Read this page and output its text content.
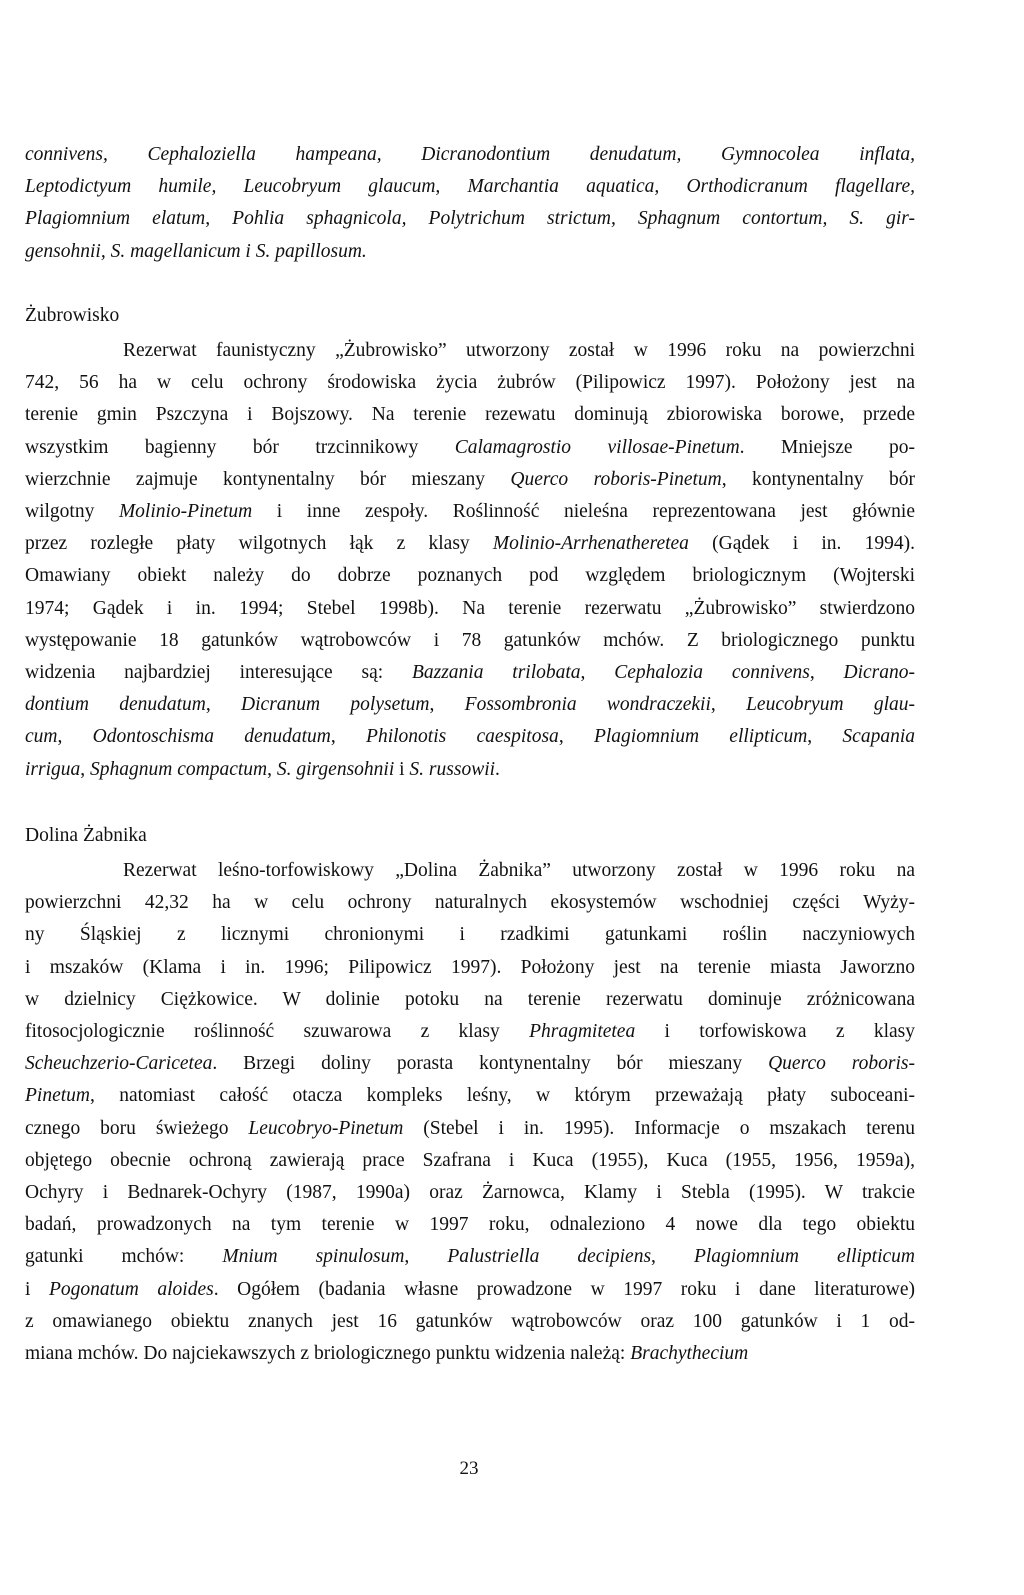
connivens, Cephaloziella hampeana, Dicranodontium denudatum, Gymnocolea inflata,
Leptodictyum humile, Leucobryum glaucum, Marchantia aquatica, Orthodicranum flagellare,
Plagiomnium elatum, Pohlia sphagnicola, Polytrichum strictum, Sphagnum contortum, S. gir-
gensohnii, S. magellanicum i S. papillosum.

Żubrowisko

Rezerwat faunistyczny „Żubrowisko” utworzony został w 1996 roku na powierzchni
742, 56 ha w celu ochrony środowiska życia żubrów (Pilipowicz 1997). Położony jest na
terenie gmin Pszczyna i Bojszowy. Na terenie rezewatu dominują zbiorowiska borowe, przede
wszystkim bagienny bór trzcinnikowy Calamagrostio villosae-Pinetum. Mniejsze po-
wierzchnie zajmuje kontynentalny bór mieszany Querco roboris-Pinetum, kontynentalny bór
wilgotny Molinio-Pinetum i inne zespoły. Roślinność nieleśna reprezentowana jest głównie
przez rozległe płaty wilgotnych łąk z klasy Molinio-Arrhenatheretea (Gądek i in. 1994).
Omawiany obiekt należy do dobrze poznanych pod względem briologicznym (Wojterski
1974; Gądek i in. 1994; Stebel 1998b). Na terenie rezerwatu „Żubrowisko” stwierdzono
występowanie 18 gatunków wątrobowców i 78 gatunków mchów. Z briologicznego punktu
widzenia najbardziej interesujące są: Bazzania trilobata, Cephalozia connivens, Dicrano-
dontium denudatum, Dicranum polysetum, Fossombronia wondraczekii, Leucobryum glau-
cum, Odontoschisma denudatum, Philonotis caespitosa, Plagiomnium ellipticum, Scapania
irrigua, Sphagnum compactum, S. girgensohnii i S. russowii.

Dolina Żabnika

Rezerwat leśno-torfowiskowy „Dolina Żabnika” utworzony został w 1996 roku na
powierzchni 42,32 ha w celu ochrony naturalnych ekosystemów wschodniej części Wyży-
ny Śląskiej z licznymi chronionymi i rzadkimi gatunkami roślin naczyniowych
i mszaków (Klama i in. 1996; Pilipowicz 1997). Położony jest na terenie miasta Jaworzno
w dzielnicy Ciężkowice. W dolinie potoku na terenie rezerwatu dominuje zróżnicowana
fitosocjologicznie roślinność szuwarowa z klasy Phragmitetea i torfowiskowa z klasy
Scheuchzerio-Caricetea. Brzegi doliny porasta kontynentalny bór mieszany Querco roboris-
Pinetum, natomiast całość otacza kompleks leśny, w którym przeważają płaty suboceani-
cznego boru świeżego Leucobryo-Pinetum (Stebel i in. 1995). Informacje o mszakach terenu
objętego obecnie ochroną zawierają prace Szafrana i Kuca (1955), Kuca (1955, 1956, 1959a),
Ochyry i Bednarek-Ochyry (1987, 1990a) oraz Żarnowca, Klamy i Stebla (1995). W trakcie
badań, prowadzonych na tym terenie w 1997 roku, odnaleziono 4 nowe dla tego obiektu
gatunki mchów: Mnium spinulosum, Palustriella decipiens, Plagiomnium ellipticum
i Pogonatum aloides. Ogółem (badania własne prowadzone w 1997 roku i dane literaturowe)
z omawianego obiektu znanych jest 16 gatunków wątrobowców oraz 100 gatunków i 1 od-
miana mchów. Do najciekawszych z briologicznego punktu widzenia należą: Brachythecium

23
